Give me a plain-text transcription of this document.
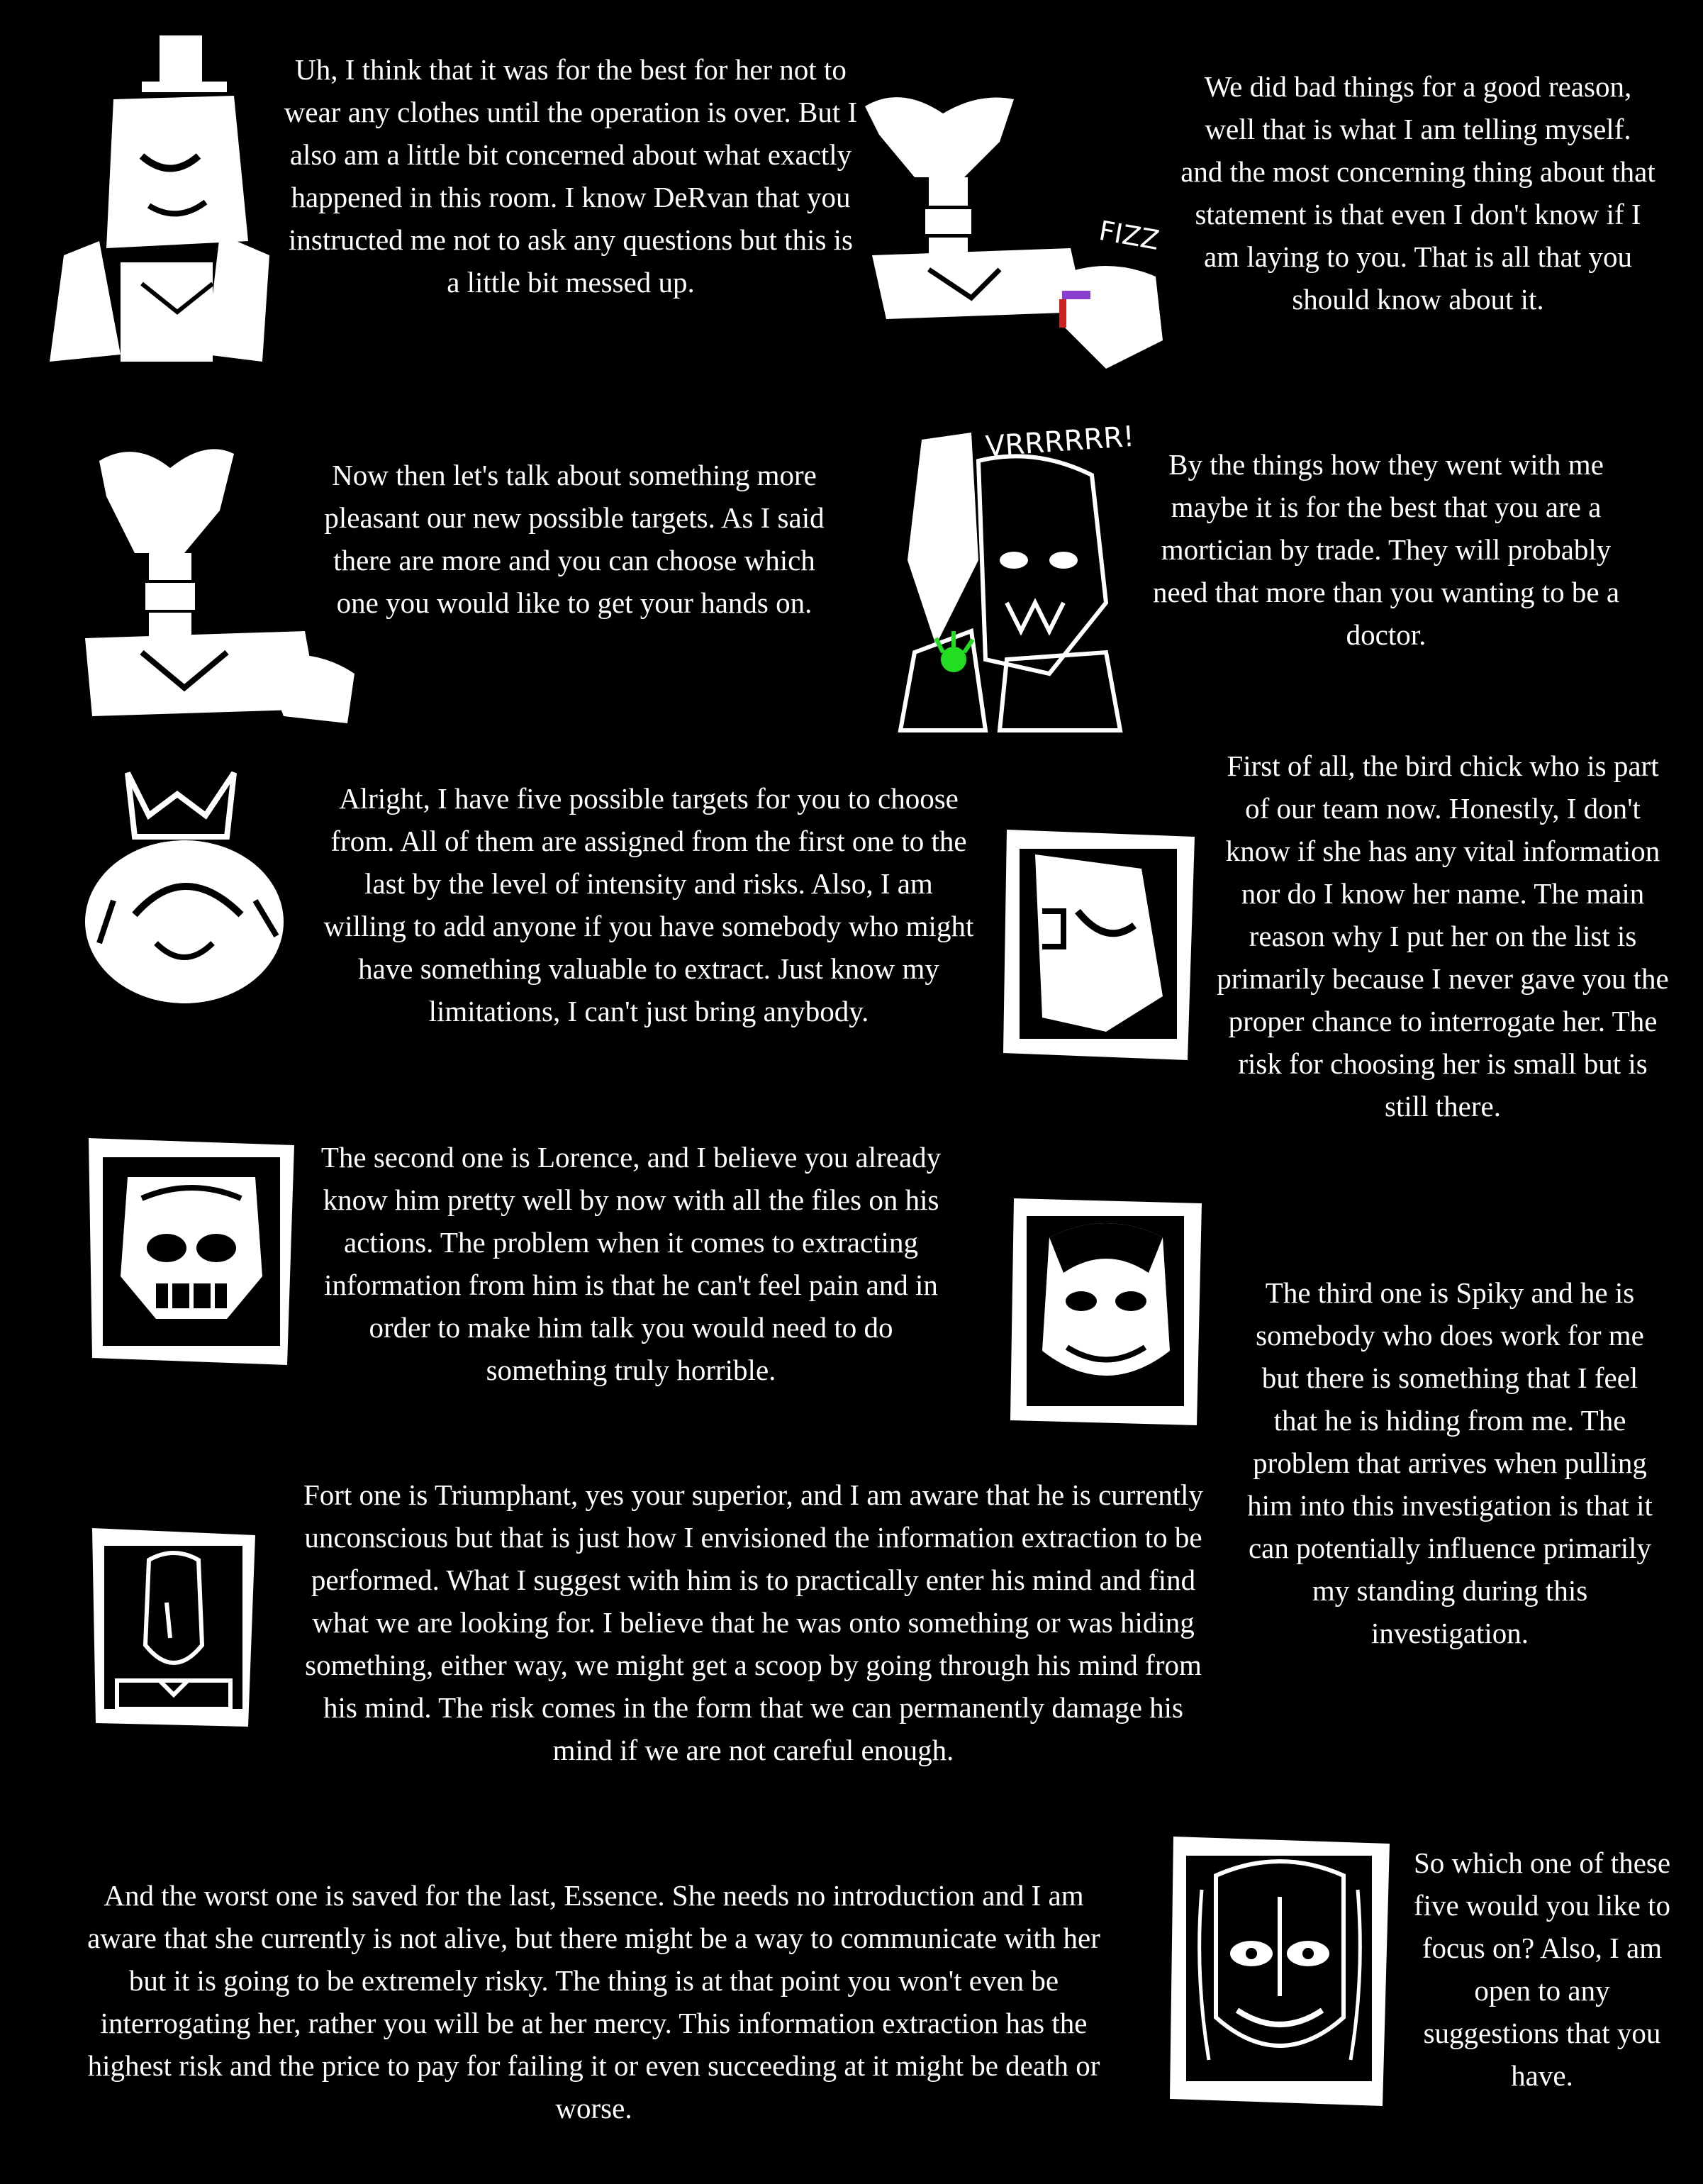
FIZZ
VRRRRRR!
Uh, I think that it was for the best for her not to wear any clothes until the operation is over. But I also am a little bit concerned about what exactly happened in this room. I know DeRvan that you instructed me not to ask any questions but this is a little bit messed up.
We did bad things for a good reason, well that is what I am telling myself. and the most concerning thing about that statement is that even I don't know if I am laying to you. That is all that you should know about it.
Now then let's talk about something more pleasant our new possible targets. As I said there are more and you can choose which one you would like to get your hands on.
By the things how they went with me maybe it is for the best that you are a mortician by trade. They will probably need that more than you wanting to be a doctor.
Alright, I have five possible targets for you to choose from. All of them are assigned from the first one to the last by the level of intensity and risks. Also, I am willing to add anyone if you have somebody who might have something valuable to extract. Just know my limitations, I can't just bring anybody.
First of all, the bird chick who is part of our team now. Honestly, I don't know if she has any vital information nor do I know her name. The main reason why I put her on the list is primarily because I never gave you the proper chance to interrogate her. The risk for choosing her is small but is still there.
The second one is Lorence, and I believe you already know him pretty well by now with all the files on his actions. The problem when it comes to extracting information from him is that he can't feel pain and in order to make him talk you would need to do something truly horrible.
The third one is Spiky and he is somebody who does work for me but there is something that I feel that he is hiding from me. The problem that arrives when pulling him into this investigation is that it can potentially influence primarily my standing during this investigation.
Fort one is Triumphant, yes your superior, and I am aware that he is currently unconscious but that is just how I envisioned the information extraction to be performed. What I suggest with him is to practically enter his mind and find what we are looking for. I believe that he was onto something or was hiding something, either way, we might get a scoop by going through his mind from his mind. The risk comes in the form that we can permanently damage his mind if we are not careful enough.
And the worst one is saved for the last, Essence. She needs no introduction and I am aware that she currently is not alive, but there might be a way to communicate with her but it is going to be extremely risky. The thing is at that point you won't even be interrogating her, rather you will be at her mercy. This information extraction has the highest risk and the price to pay for failing it or even succeeding at it might be death or worse.
So which one of these five would you like to focus on? Also, I am open to any suggestions that you have.
